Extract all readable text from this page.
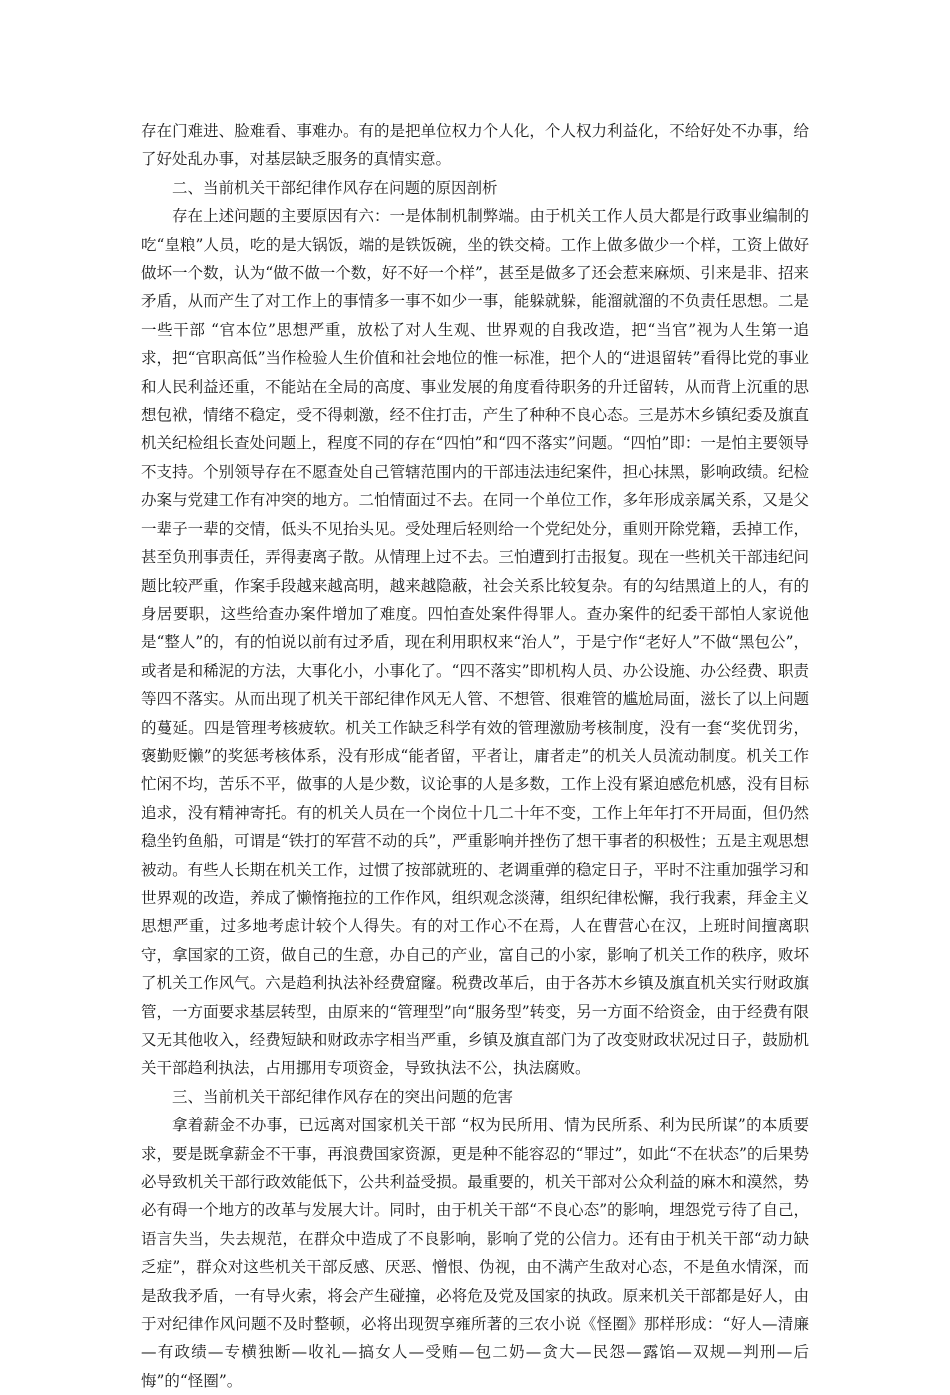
存在门难进、脸难看、事难办。有的是把单位权力个人化，个人权力利益化，不给好处不办事，给了好处乱办事，对基层缺乏服务的真情实意。

二、当前机关干部纪律作风存在问题的原因剖析

存在上述问题的主要原因有六：一是体制机制弊端。由于机关工作人员大都是行政事业编制的吃“皇粮”人员，吃的是大锅饭，端的是铁饭碗，坐的铁交椅。工作上做多做少一个样，工资上做好做坏一个数，认为“做不做一个数，好不好一个样”，甚至是做多了还会惹来麻烦、引来是非、招来矛盾，从而产生了对工作上的事情多一事不如少一事，能躲就躲，能溜就溜的不负责任思想。二是一些干部 “官本位”思想严重，放松了对人生观、世界观的自我改造，把“当官”视为人生第一追求，把“官职高低”当作检验人生价值和社会地位的惟一标准，把个人的“进退留转”看得比党的事业和人民利益还重，不能站在全局的高度、事业发展的角度看待职务的升迁留转，从而背上沉重的思想包袱，情绪不稳定，受不得刺激，经不住打击，产生了种种不良心态。三是苏木乡镇纪委及旗直机关纪检组长查处问题上，程度不同的存在“四怕”和“四不落实”问题。“四怕”即：一是怕主要领导不支持。个别领导存在不愿查处自己管辖范围内的干部违法违纪案件，担心抹黑，影响政绩。纪检办案与党建工作有冲突的地方。二怕情面过不去。在同一个单位工作，多年形成亲属关系，又是父一辈子一辈的交情，低头不见抬头见。受处理后轻则给一个党纪处分，重则开除党籍，丢掉工作，甚至负刑事责任，弄得妻离子散。从情理上过不去。三怕遭到打击报复。现在一些机关干部违纪问题比较严重，作案手段越来越高明，越来越隐蔽，社会关系比较复杂。有的勾结黑道上的人，有的身居要职，这些给查办案件增加了难度。四怕查处案件得罪人。查办案件的纪委干部怕人家说他是“整人”的，有的怕说以前有过矛盾，现在利用职权来“治人”，于是宁作“老好人”不做“黑包公”，或者是和稀泥的方法，大事化小，小事化了。“四不落实”即机构人员、办公设施、办公经费、职责等四不落实。从而出现了机关干部纪律作风无人管、不想管、很难管的尴尬局面，滋长了以上问题的蔓延。四是管理考核疲软。机关工作缺乏科学有效的管理激励考核制度，没有一套“奖优罚劣，褒勤贬懒”的奖惩考核体系，没有形成“能者留，平者让，庸者走”的机关人员流动制度。机关工作忙闲不均，苦乐不平，做事的人是少数，议论事的人是多数，工作上没有紧迫感危机感，没有目标追求，没有精神寄托。有的机关人员在一个岗位十几二十年不变，工作上年年打不开局面，但仍然稳坐钓鱼船，可谓是“铁打的军营不动的兵”，严重影响并挫伤了想干事者的积极性；五是主观思想被动。有些人长期在机关工作，过惯了按部就班的、老调重弹的稳定日子，平时不注重加强学习和世界观的改造，养成了懒惰拖拉的工作作风，组织观念淡薄，组织纪律松懈，我行我素，拜金主义思想严重，过多地考虑计较个人得失。有的对工作心不在焉，人在曹营心在汉，上班时间擅离职守，拿国家的工资，做自己的生意，办自己的产业，富自己的小家，影响了机关工作的秩序，败坏了机关工作风气。六是趋利执法补经费窟窿。税费改革后，由于各苏木乡镇及旗直机关实行财政旗管，一方面要求基层转型，由原来的“管理型”向“服务型”转变，另一方面不给资金，由于经费有限又无其他收入，经费短缺和财政赤字相当严重，乡镇及旗直部门为了改变财政状况过日子，鼓励机关干部趋利执法，占用挪用专项资金，导致执法不公，执法腐败。

三、当前机关干部纪律作风存在的突出问题的危害

拿着薪金不办事，已远离对国家机关干部 “权为民所用、情为民所系、利为民所谋”的本质要求，要是既拿薪金不干事，再浪费国家资源，更是种不能容忍的“罪过”，如此“不在状态”的后果势必导致机关干部行政效能低下，公共利益受损。最重要的，机关干部对公众利益的麻木和漠然，势必有碍一个地方的改革与发展大计。同时，由于机关干部“不良心态”的影响，埋怨党亏待了自己，语言失当，失去规范，在群众中造成了不良影响，影响了党的公信力。还有由于机关干部“动力缺乏症”，群众对这些机关干部反感、厌恶、憎恨、伪视，由不满产生敌对心态，不是鱼水情深，而是敌我矛盾，一有导火索，将会产生碰撞，必将危及党及国家的执政。原来机关干部都是好人，由于对纪律作风问题不及时整顿，必将出现贺享雍所著的三农小说《怪圈》那样形成：“好人—清廉—有政绩—专横独断—收礼—搞女人—受贿—包二奶—贪大—民怨—露馅—双规—判刑—后悔”的“怪圈”。
